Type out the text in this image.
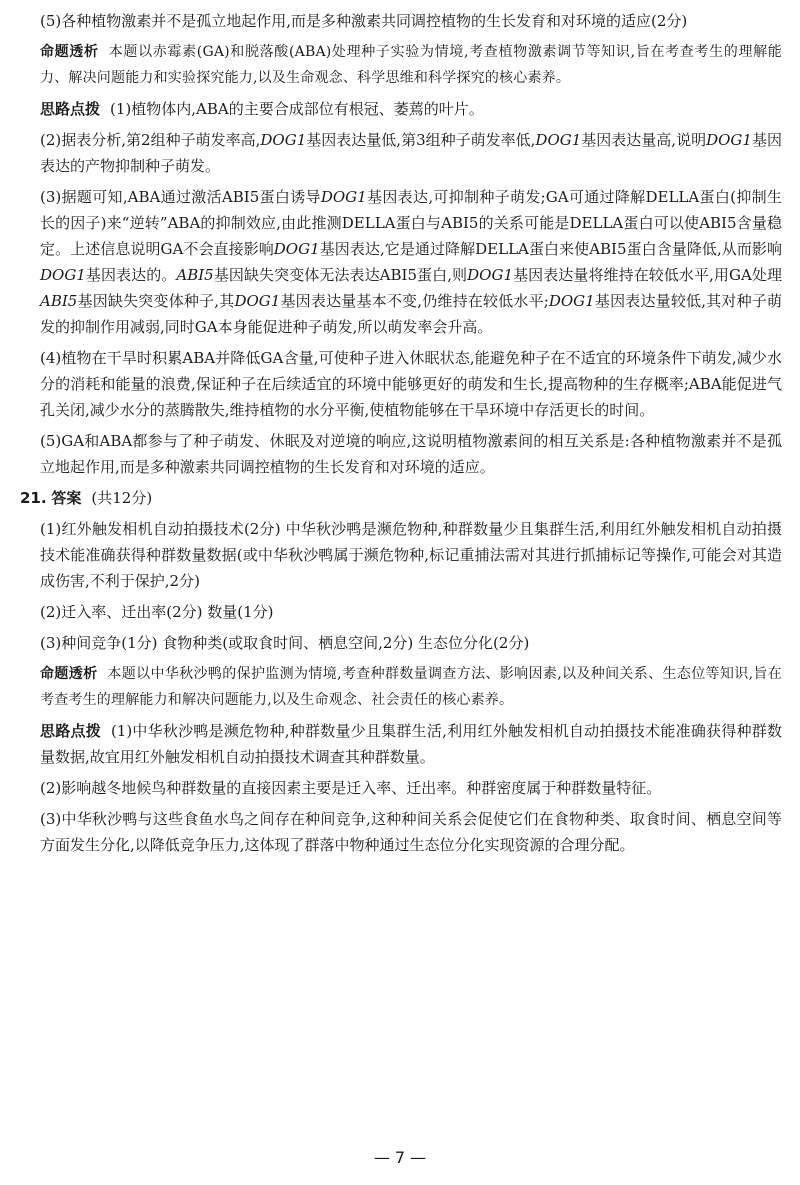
(5)各种植物激素并不是孤立地起作用,而是多种激素共同调控植物的生长发育和对环境的适应(2分)

命题透析 本题以赤霉素(GA)和脱落酸(ABA)处理种子实验为情境,考查植物激素调节等知识,旨在考查考生的理解能力、解决问题能力和实验探究能力,以及生命观念、科学思维和科学探究的核心素养。

思路点拨 (1)植物体内,ABA的主要合成部位有根冠、萎蔫的叶片。

(2)据表分析,第2组种子萌发率高,DOG1基因表达量低,第3组种子萌发率低,DOG1基因表达量高,说明DOG1基因表达的产物抑制种子萌发。

(3)据题可知,ABA通过激活ABI5蛋白诱导DOG1基因表达,可抑制种子萌发;GA可通过降解DELLA蛋白(抑制生长的因子)来“逆转”ABA的抑制效应,由此推测DELLA蛋白与ABI5的关系可能是DELLA蛋白可以使ABI5含量稳定。上述信息说明GA不会直接影响DOG1基因表达,它是通过降解DELLA蛋白来使ABI5蛋白含量降低,从而影响DOG1基因表达的。ABI5基因缺失突变体无法表达ABI5蛋白,则DOG1基因表达量将维持在较低水平,用GA处理ABI5基因缺失突变体种子,其DOG1基因表达量基本不变,仍维持在较低水平;DOG1基因表达量较低,其对种子萌发的抑制作用减弱,同时GA本身能促进种子萌发,所以萌发率会升高。

(4)植物在干旱时积累ABA并降低GA含量,可使种子进入休眠状态,能避免种子在不适宜的环境条件下萌发,减少水分的消耗和能量的浪费,保证种子在后续适宜的环境中能够更好的萌发和生长,提高物种的生存概率;ABA能促进气孔关闭,减少水分的蒸腾散失,维持植物的水分平衡,使植物能够在干旱环境中存活更长的时间。

(5)GA和ABA都参与了种子萌发、休眠及对逆境的响应,这说明植物激素间的相互关系是:各种植物激素并不是孤立地起作用,而是多种激素共同调控植物的生长发育和对环境的适应。

21. 答案 (共12分)

(1)红外触发相机自动拍摄技术(2分) 中华秋沙鸭是濒危物种,种群数量少且集群生活,利用红外触发相机自动拍摄技术能准确获得种群数量数据(或中华秋沙鸭属于濒危物种,标记重捕法需对其进行抓捕标记等操作,可能会对其造成伤害,不利于保护,2分)

(2)迁入率、迁出率(2分) 数量(1分)

(3)种间竞争(1分) 食物种类(或取食时间、栖息空间,2分) 生态位分化(2分)

命题透析 本题以中华秋沙鸭的保护监测为情境,考查种群数量调查方法、影响因素,以及种间关系、生态位等知识,旨在考查考生的理解能力和解决问题能力,以及生命观念、社会责任的核心素养。

思路点拨 (1)中华秋沙鸭是濒危物种,种群数量少且集群生活,利用红外触发相机自动拍摄技术能准确获得种群数量数据,故宜用红外触发相机自动拍摄技术调查其种群数量。

(2)影响越冬地候鸟种群数量的直接因素主要是迁入率、迁出率。种群密度属于种群数量特征。

(3)中华秋沙鸭与这些食鱼水鸟之间存在种间竞争,这种种间关系会促使它们在食物种类、取食时间、栖息空间等方面发生分化,以降低竞争压力,这体现了群落中物种通过生态位分化实现资源的合理分配。

— 7 —
